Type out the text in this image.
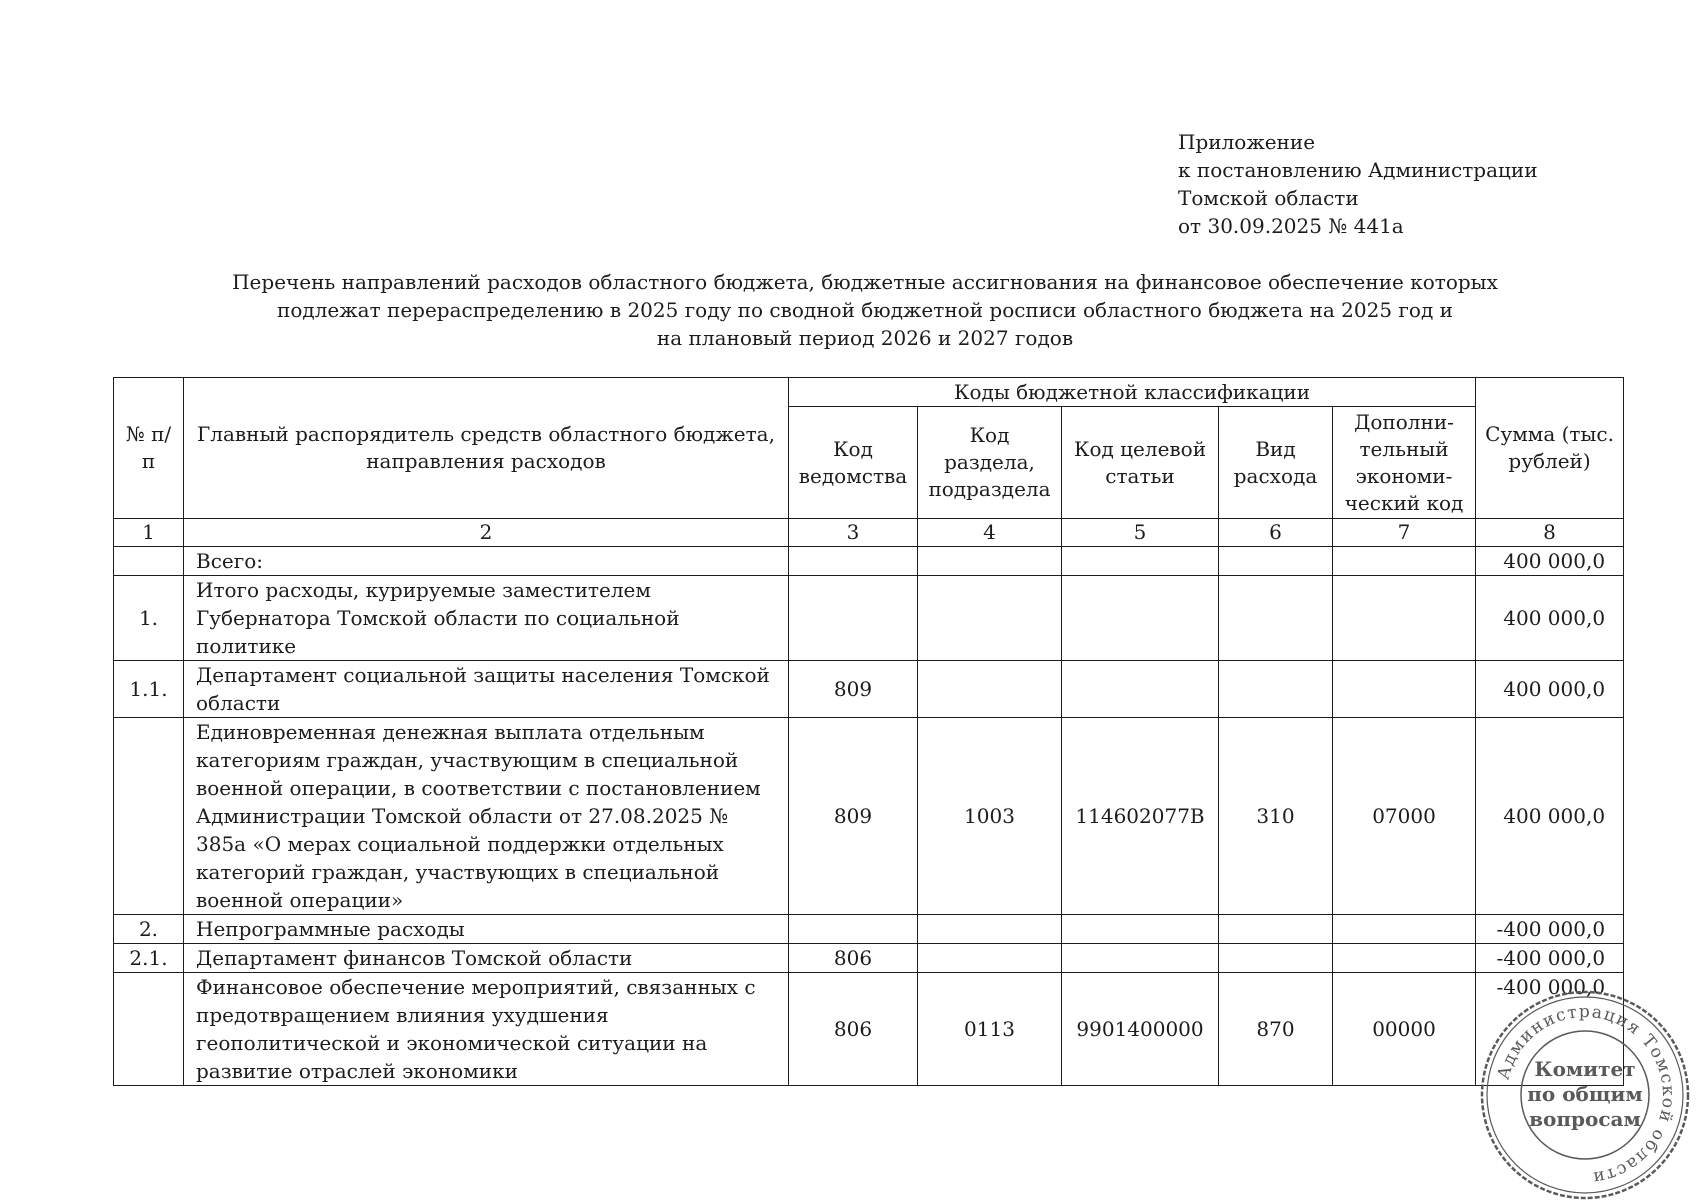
Приложение
к постановлению Администрации
Томской области
от 30.09.2025 № 441а
Перечень направлений расходов областного бюджета, бюджетные ассигнования на финансовое обеспечение которых
подлежат перераспределению в 2025 году по сводной бюджетной росписи областного бюджета на 2025 год и
на плановый период 2026 и 2027 годов
№ п/п	Главный распорядитель средств областного бюджета, направления расходов	Коды бюджетной классификации					Сумма (тыс. рублей)
		Код ведомства	Код раздела, подраздела	Код целевой статьи	Вид расхода	Дополни-тельный экономи-ческий код	
1	2	3	4	5	6	7	8
	Всего:						400 000,0
1.	Итого расходы, курируемые заместителем Губернатора Томской области по социальной политике						400 000,0
1.1.	Департамент социальной защиты населения Томской области	809					400 000,0
	Единовременная денежная выплата отдельным категориям граждан, участвующим в специальной военной операции, в соответствии с постановлением Администрации Томской области от 27.08.2025 № 385а «О мерах социальной поддержки отдельных категорий граждан, участвующих в специальной военной операции»	809	1003	114602077В	310	07000	400 000,0
2.	Непрограммные расходы						-400 000,0
2.1.	Департамент финансов Томской области	806					-400 000,0
	Финансовое обеспечение мероприятий, связанных с предотвращением влияния ухудшения геополитической и экономической ситуации на развитие отраслей экономики	806	0113	9901400000	870	00000	-400 000,0
Администрация Томской области
Комитет
по общим
вопросам
